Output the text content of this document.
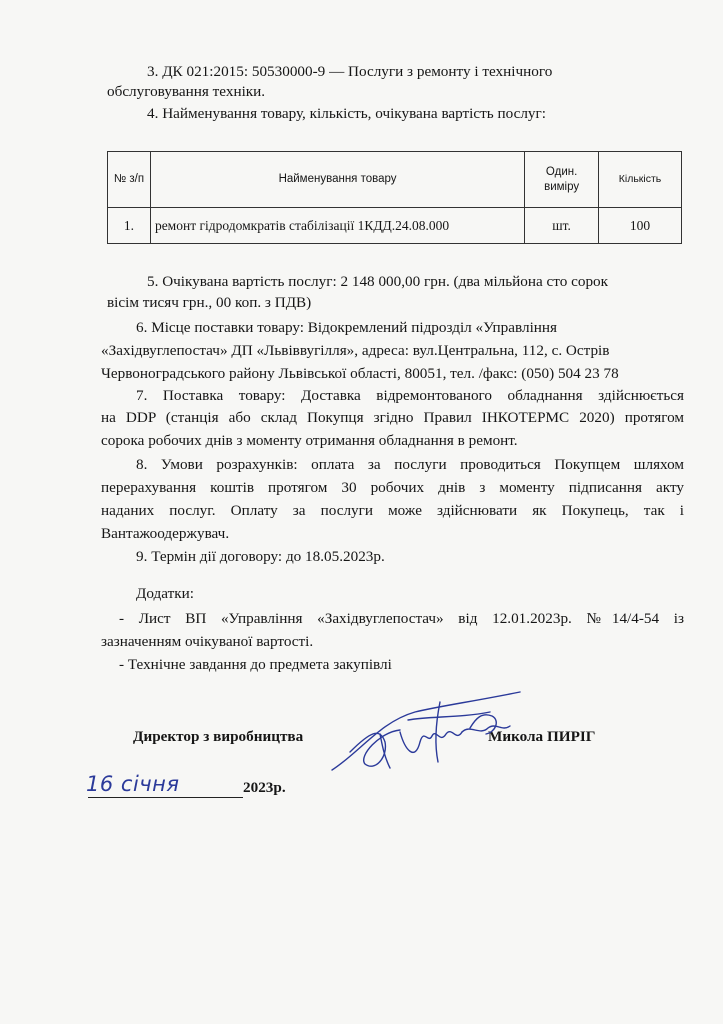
3. ДК 021:2015: 50530000-9 — Послуги з ремонту і технічного
обслуговування техніки.
4. Найменування товару, кількість, очікувана вартість послуг:
№ з/п	Найменування товару	Один. виміру	Кількість
1.	ремонт гідродомкратів стабілізації 1КДД.24.08.000	шт.	100
5. Очікувана вартість послуг: 2 148 000,00 грн. (два мільйона сто сорок
вісім тисяч грн., 00 коп. з ПДВ)
6. Місце поставки товару: Відокремлений підрозділ «Управління
«Західвуглепостач» ДП «Львіввугілля», адреса: вул.Центральна, 112, с. Острів
Червоноградського району Львівської області, 80051, тел. /факс: (050) 504 23 78
7. Поставка товару: Доставка відремонтованого обладнання здійснюється
на DDP (станція або склад Покупця згідно Правил ІНКОТЕРМС 2020) протягом
сорока робочих днів з моменту отримання обладнання в ремонт.
8. Умови розрахунків: оплата за послуги проводиться Покупцем шляхом
перерахування коштів протягом 30 робочих днів з моменту підписання акту
наданих послуг. Оплату за послуги може здійснювати як Покупець, так і
Вантажоодержувач.
9. Термін дії договору: до 18.05.2023р.
Додатки:
- Лист ВП «Управління «Західвуглепостач» від 12.01.2023р. №14/4-54 із
зазначенням очікуваної вартості.
- Технічне завдання до предмета закупівлі
Директор з виробництва	Микола ПИРІГ
16 січня	2023р.
